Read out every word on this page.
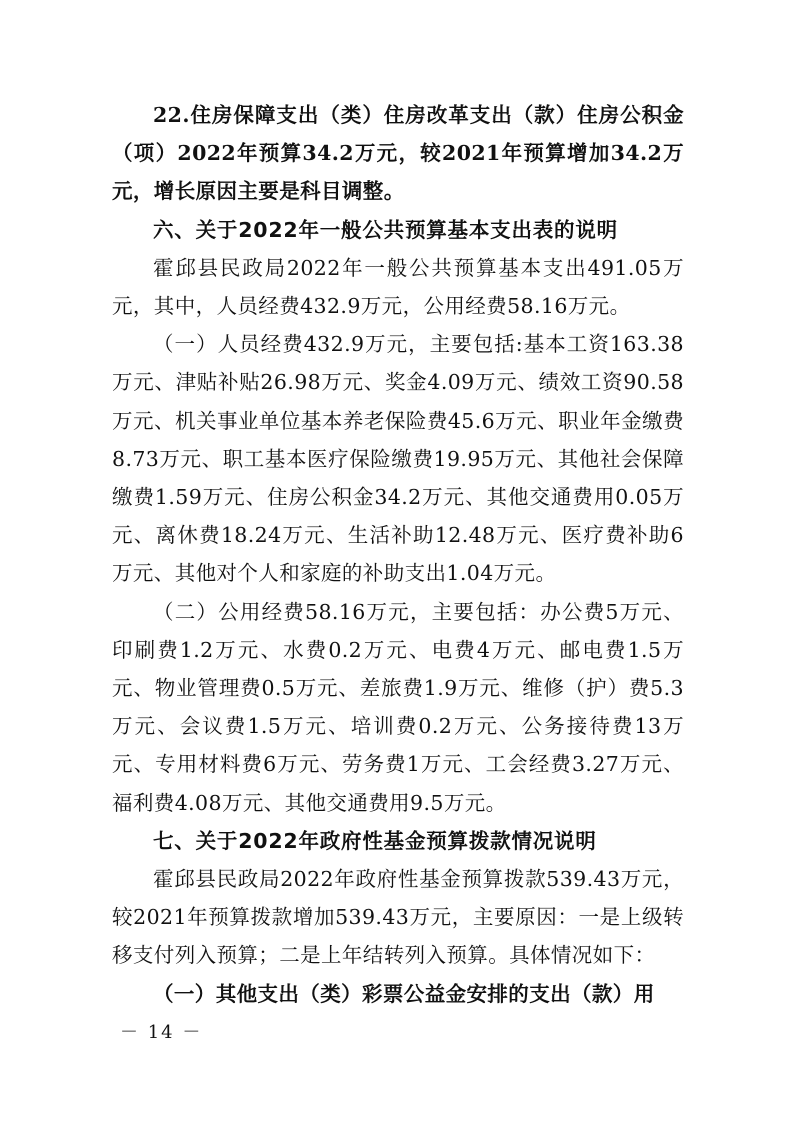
22.住房保障支出（类）住房改革支出（款）住房公积金（项）2022年预算34.2万元，较2021年预算增加34.2万元，增长原因主要是科目调整。

六、关于2022年一般公共预算基本支出表的说明

霍邱县民政局2022年一般公共预算基本支出491.05万元，其中，人员经费432.9万元，公用经费58.16万元。

（一）人员经费432.9万元，主要包括:基本工资163.38万元、津贴补贴26.98万元、奖金4.09万元、绩效工资90.58万元、机关事业单位基本养老保险费45.6万元、职业年金缴费8.73万元、职工基本医疗保险缴费19.95万元、其他社会保障缴费1.59万元、住房公积金34.2万元、其他交通费用0.05万元、离休费18.24万元、生活补助12.48万元、医疗费补助6万元、其他对个人和家庭的补助支出1.04万元。

（二）公用经费58.16万元，主要包括：办公费5万元、印刷费1.2万元、水费0.2万元、电费4万元、邮电费1.5万元、物业管理费0.5万元、差旅费1.9万元、维修（护）费5.3万元、会议费1.5万元、培训费0.2万元、公务接待费13万元、专用材料费6万元、劳务费1万元、工会经费3.27万元、福利费4.08万元、其他交通费用9.5万元。

七、关于2022年政府性基金预算拨款情况说明

霍邱县民政局2022年政府性基金预算拨款539.43万元，较2021年预算拨款增加539.43万元，主要原因：一是上级转移支付列入预算；二是上年结转列入预算。具体情况如下：

（一）其他支出（类）彩票公益金安排的支出（款）用

－ 14 －
